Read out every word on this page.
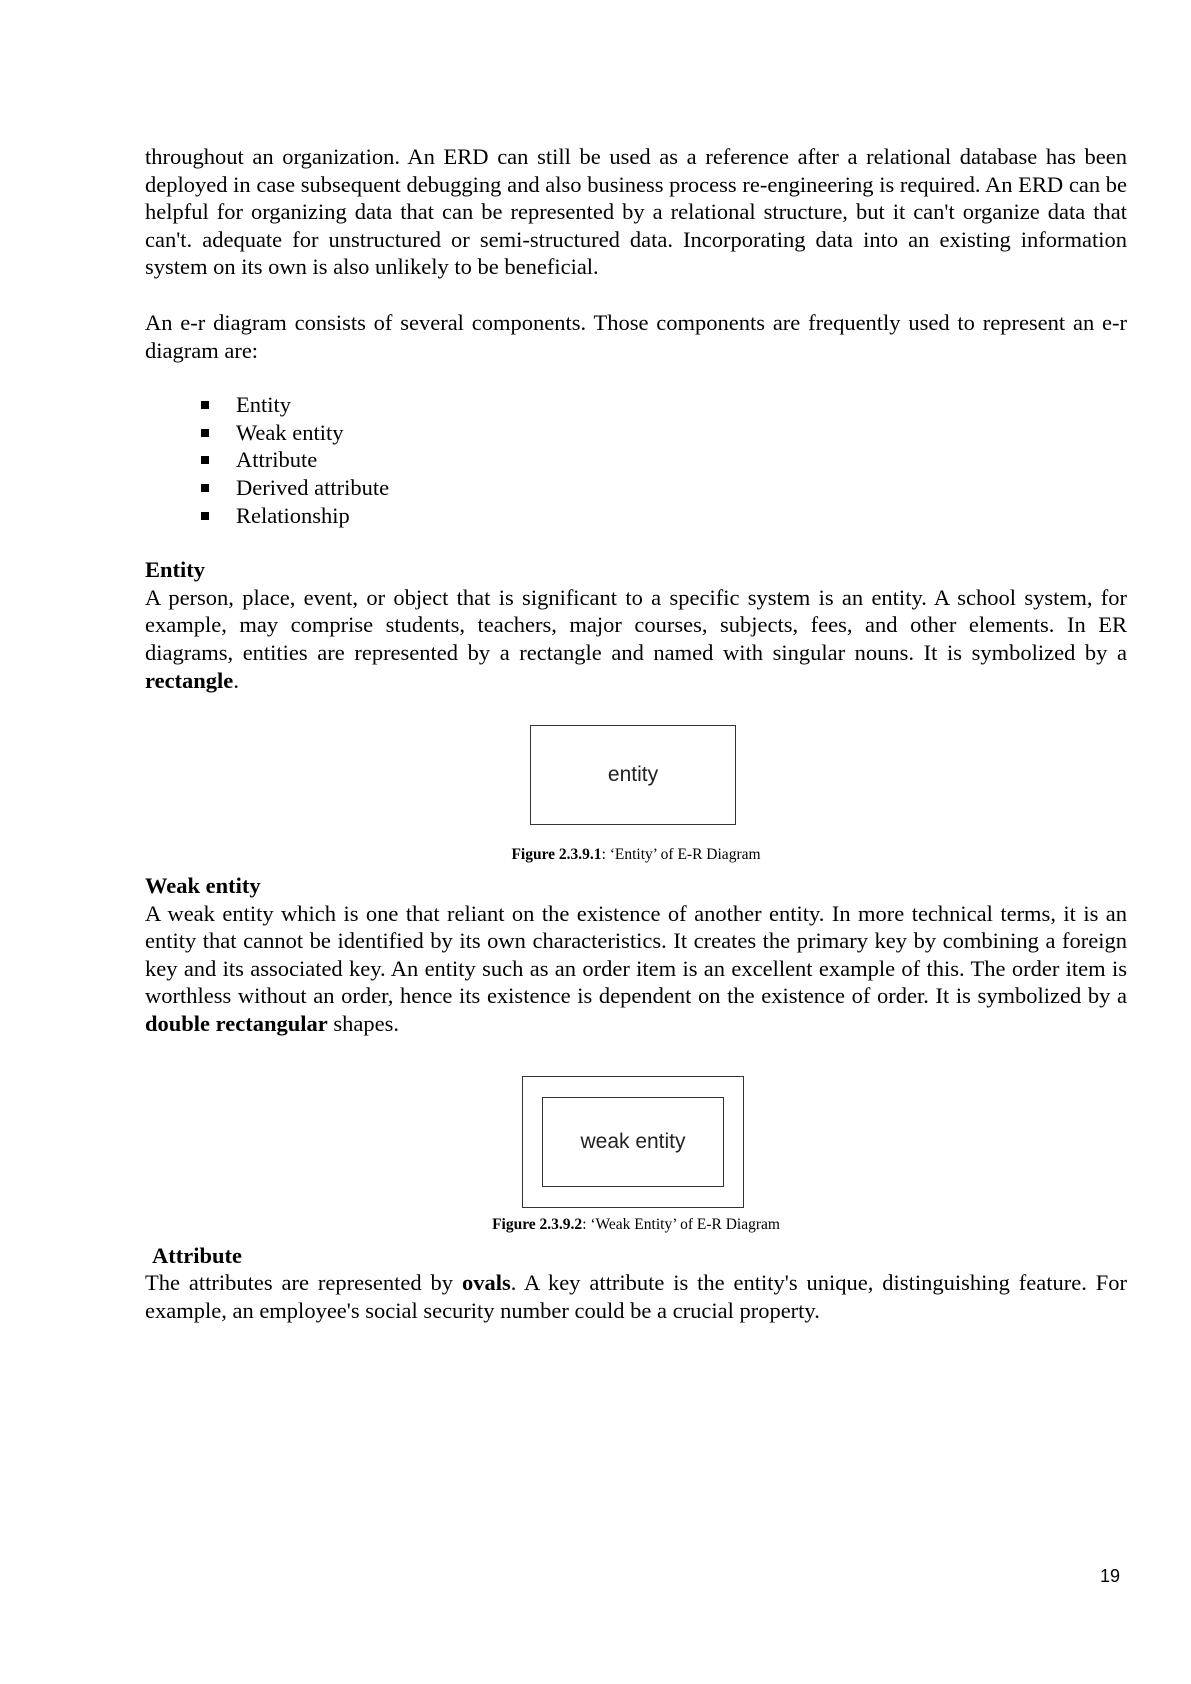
throughout an organization. An ERD can still be used as a reference after a relational database has been deployed in case subsequent debugging and also business process re-engineering is required. An ERD can be helpful for organizing data that can be represented by a relational structure, but it can't organize data that can't. adequate for unstructured or semi-structured data. Incorporating data into an existing information system on its own is also unlikely to be beneficial.

An e-r diagram consists of several components. Those components are frequently used to represent an e-r diagram are:

Entity
Weak entity
Attribute
Derived attribute
Relationship
Entity

A person, place, event, or object that is significant to a specific system is an entity. A school system, for example, may comprise students, teachers, major courses, subjects, fees, and other elements. In ER diagrams, entities are represented by a rectangle and named with singular nouns. It is symbolized by a rectangle.

entity
Figure 2.3.9.1: ‘Entity’ of E-R Diagram
Weak entity

A weak entity which is one that reliant on the existence of another entity. In more technical terms, it is an entity that cannot be identified by its own characteristics. It creates the primary key by combining a foreign key and its associated key. An entity such as an order item is an excellent example of this. The order item is worthless without an order, hence its existence is dependent on the existence of order. It is symbolized by a double rectangular shapes.

weak entity
Figure 2.3.9.2: ‘Weak Entity’ of E-R Diagram
Attribute

The attributes are represented by ovals. A key attribute is the entity's unique, distinguishing feature. For example, an employee's social security number could be a crucial property.

19
